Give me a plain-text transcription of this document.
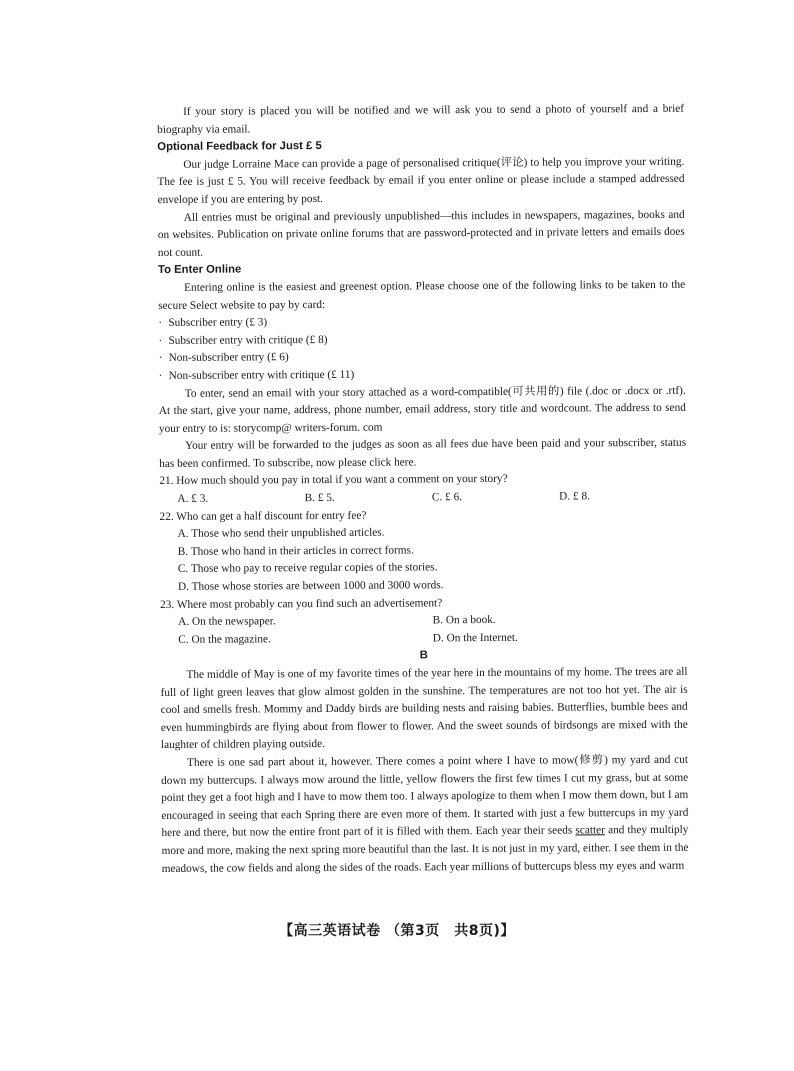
If your story is placed you will be notified and we will ask you to send a photo of yourself and a brief biography via email.

Optional Feedback for Just £ 5

Our judge Lorraine Mace can provide a page of personalised critique(评论) to help you improve your writing. The fee is just £ 5. You will receive feedback by email if you enter online or please include a stamped addressed envelope if you are entering by post.

All entries must be original and previously unpublished—this includes in newspapers, magazines, books and on websites. Publication on private online forums that are password-protected and in private letters and emails does not count.

To Enter Online

Entering online is the easiest and greenest option. Please choose one of the following links to be taken to the secure Select website to pay by card:

· Subscriber entry (£ 3)
· Subscriber entry with critique (£ 8)
· Non-subscriber entry (£ 6)
· Non-subscriber entry with critique (£ 11)

To enter, send an email with your story attached as a word-compatible(可共用的) file (.doc or .docx or .rtf). At the start, give your name, address, phone number, email address, story title and wordcount. The address to send your entry to is: storycomp@ writers-forum. com

Your entry will be forwarded to the judges as soon as all fees due have been paid and your subscriber, status has been confirmed. To subscribe, now please click here.

21. How much should you pay in total if you want a comment on your story?

A. £ 3.	B. £ 5.	C. £ 6.	D. £ 8.

22. Who can get a half discount for entry fee?

A. Those who send their unpublished articles.

B. Those who hand in their articles in correct forms.

C. Those who pay to receive regular copies of the stories.

D. Those whose stories are between 1000 and 3000 words.

23. Where most probably can you find such an advertisement?

A. On the newspaper.	B. On a book.
C. On the magazine.	D. On the Internet.

B

The middle of May is one of my favorite times of the year here in the mountains of my home. The trees are all full of light green leaves that glow almost golden in the sunshine. The temperatures are not too hot yet. The air is cool and smells fresh. Mommy and Daddy birds are building nests and raising babies. Butterflies, bumble bees and even hummingbirds are flying about from flower to flower. And the sweet sounds of birdsongs are mixed with the laughter of children playing outside.

There is one sad part about it, however. There comes a point where I have to mow(修剪) my yard and cut down my buttercups. I always mow around the little, yellow flowers the first few times I cut my grass, but at some point they get a foot high and I have to mow them too. I always apologize to them when I mow them down, but I am encouraged in seeing that each Spring there are even more of them. It started with just a few buttercups in my yard here and there, but now the entire front part of it is filled with them. Each year their seeds scatter and they multiply more and more, making the next spring more beautiful than the last. It is not just in my yard, either. I see them in the meadows, the cow fields and along the sides of the roads. Each year millions of buttercups bless my eyes and warm

【高三英语试卷 （第3页　共8页)】
